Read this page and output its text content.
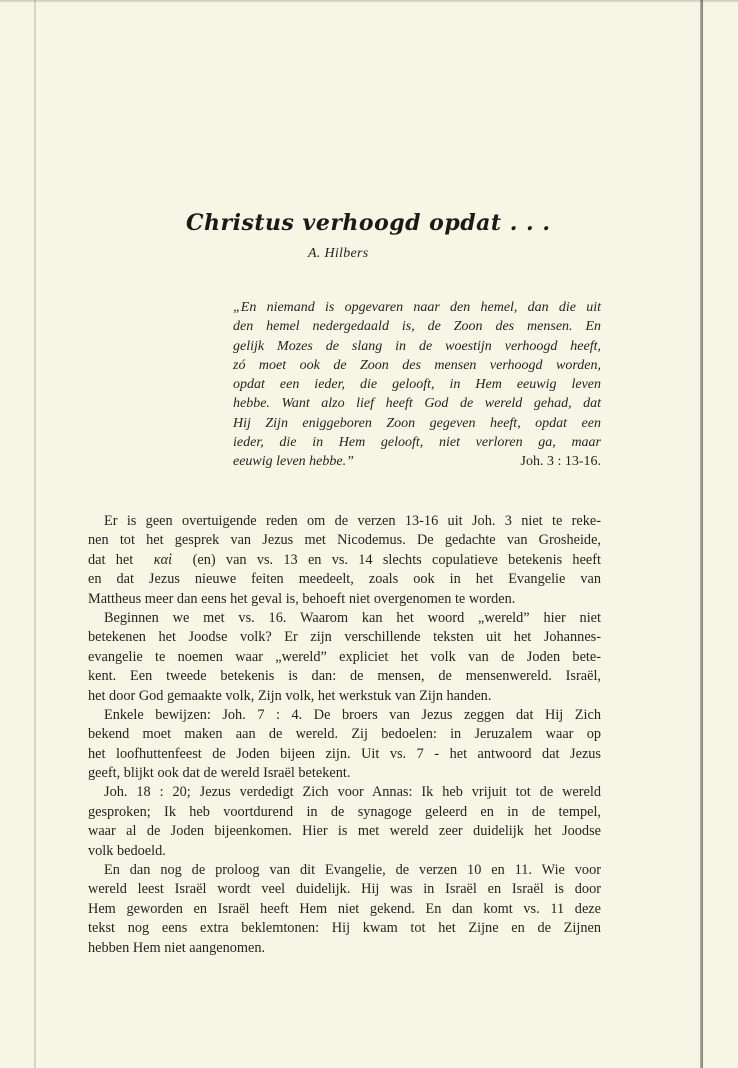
Christus verhoogd opdat . . .
A. Hilbers
„En niemand is opgevaren naar den hemel, dan die uit
den hemel nedergedaald is, de Zoon des mensen. En
gelijk Mozes de slang in de woestijn verhoogd heeft,
zó moet ook de Zoon des mensen verhoogd worden,
opdat een ieder, die gelooft, in Hem eeuwig leven
hebbe. Want alzo lief heeft God de wereld gehad, dat
Hij Zijn eniggeboren Zoon gegeven heeft, opdat een
ieder, die in Hem gelooft, niet verloren ga, maar
eeuwig leven hebbe.”	Joh. 3 : 13-16.
Er is geen overtuigende reden om de verzen 13-16 uit Joh. 3 niet te reke-
nen tot het gesprek van Jezus met Nicodemus. De gedachte van Grosheide,
dat het καὶ (en) van vs. 13 en vs. 14 slechts copulatieve betekenis heeft
en dat Jezus nieuwe feiten meedeelt, zoals ook in het Evangelie van
Mattheus meer dan eens het geval is, behoeft niet overgenomen te worden.
Beginnen we met vs. 16. Waarom kan het woord „wereld” hier niet
betekenen het Joodse volk? Er zijn verschillende teksten uit het Johannes-
evangelie te noemen waar „wereld” expliciet het volk van de Joden bete-
kent. Een tweede betekenis is dan: de mensen, de mensenwereld. Israël,
het door God gemaakte volk, Zijn volk, het werkstuk van Zijn handen.
Enkele bewijzen: Joh. 7 : 4. De broers van Jezus zeggen dat Hij Zich
bekend moet maken aan de wereld. Zij bedoelen: in Jeruzalem waar op
het loofhuttenfeest de Joden bijeen zijn. Uit vs. 7 - het antwoord dat Jezus
geeft, blijkt ook dat de wereld Israël betekent.
Joh. 18 : 20; Jezus verdedigt Zich voor Annas: Ik heb vrijuit tot de wereld
gesproken; Ik heb voortdurend in de synagoge geleerd en in de tempel,
waar al de Joden bijeenkomen. Hier is met wereld zeer duidelijk het Joodse
volk bedoeld.
En dan nog de proloog van dit Evangelie, de verzen 10 en 11. Wie voor
wereld leest Israël wordt veel duidelijk. Hij was in Israël en Israël is door
Hem geworden en Israël heeft Hem niet gekend. En dan komt vs. 11 deze
tekst nog eens extra beklemtonen: Hij kwam tot het Zijne en de Zijnen
hebben Hem niet aangenomen.
